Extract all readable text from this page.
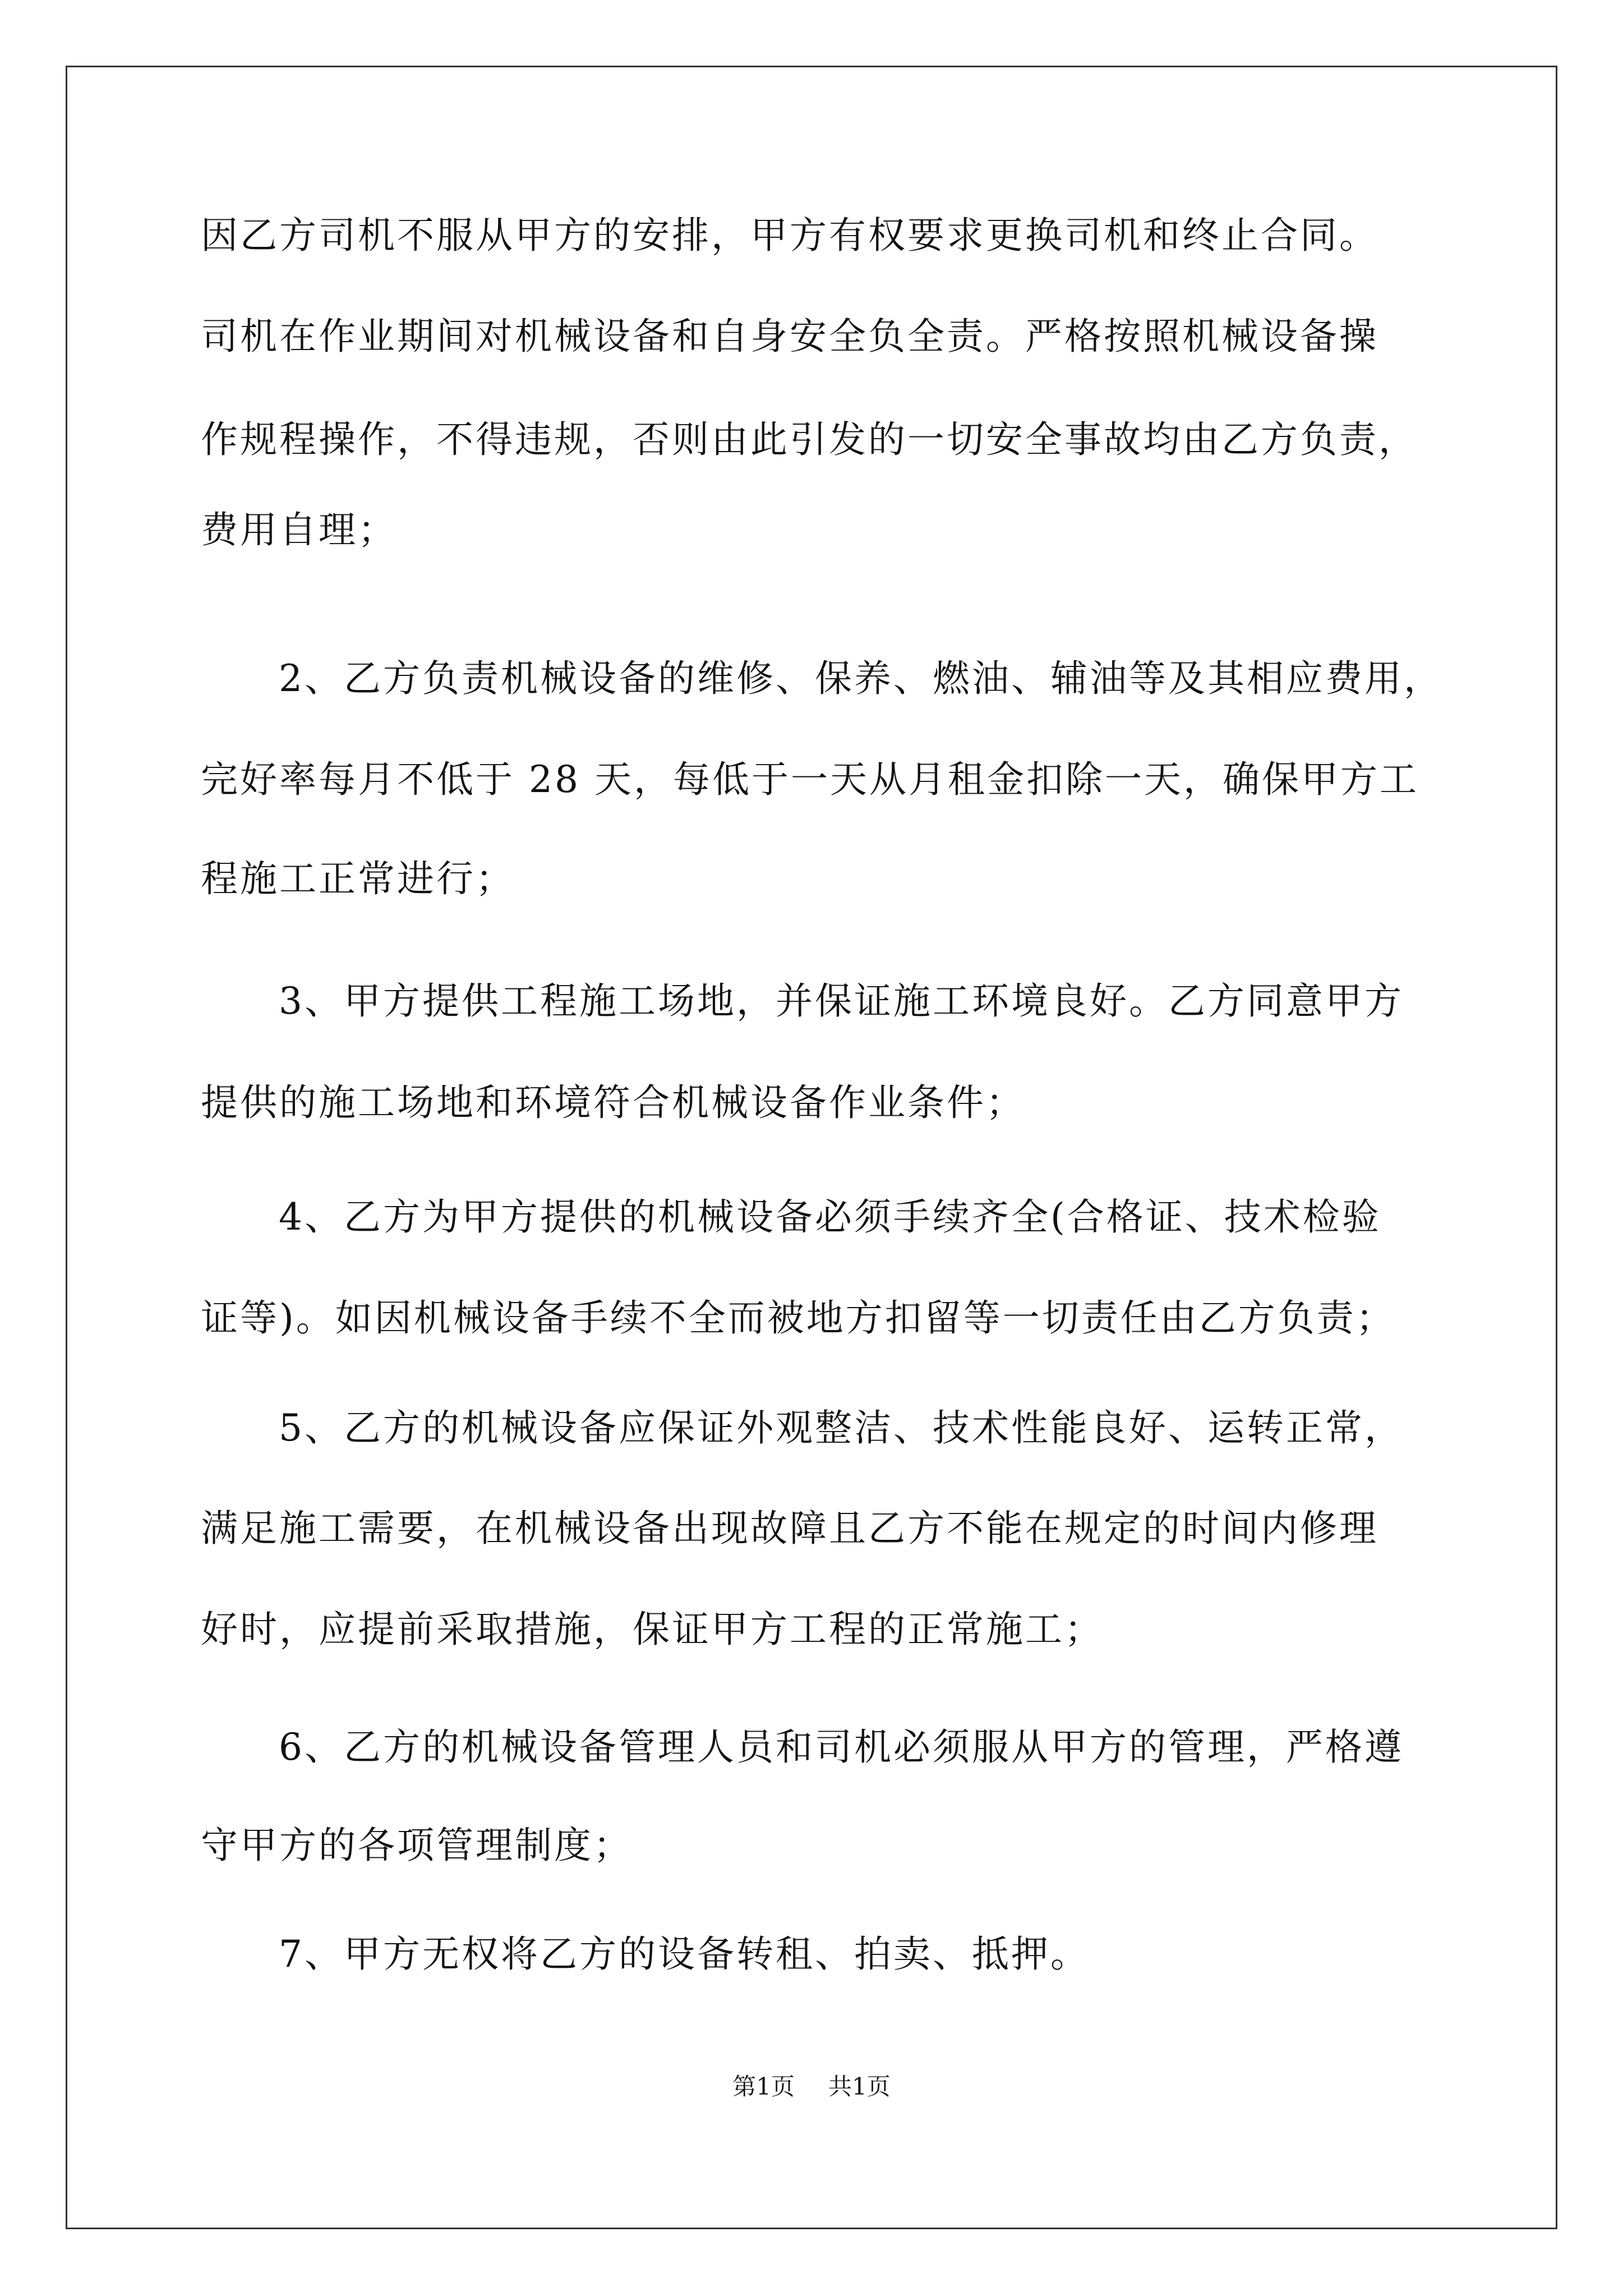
因乙方司机不服从甲方的安排，甲方有权要求更换司机和终止合同。
司机在作业期间对机械设备和自身安全负全责。严格按照机械设备操
作规程操作，不得违规，否则由此引发的一切安全事故均由乙方负责，
费用自理；
2、乙方负责机械设备的维修、保养、燃油、辅油等及其相应费用，
完好率每月不低于 28 天，每低于一天从月租金扣除一天，确保甲方工
程施工正常进行；
3、甲方提供工程施工场地，并保证施工环境良好。乙方同意甲方
提供的施工场地和环境符合机械设备作业条件；
4、乙方为甲方提供的机械设备必须手续齐全(合格证、技术检验
证等)。如因机械设备手续不全而被地方扣留等一切责任由乙方负责；
5、乙方的机械设备应保证外观整洁、技术性能良好、运转正常，
满足施工需要，在机械设备出现故障且乙方不能在规定的时间内修理
好时，应提前采取措施，保证甲方工程的正常施工；
6、乙方的机械设备管理人员和司机必须服从甲方的管理，严格遵
守甲方的各项管理制度；
7、甲方无权将乙方的设备转租、拍卖、抵押。
第1页 共1页
